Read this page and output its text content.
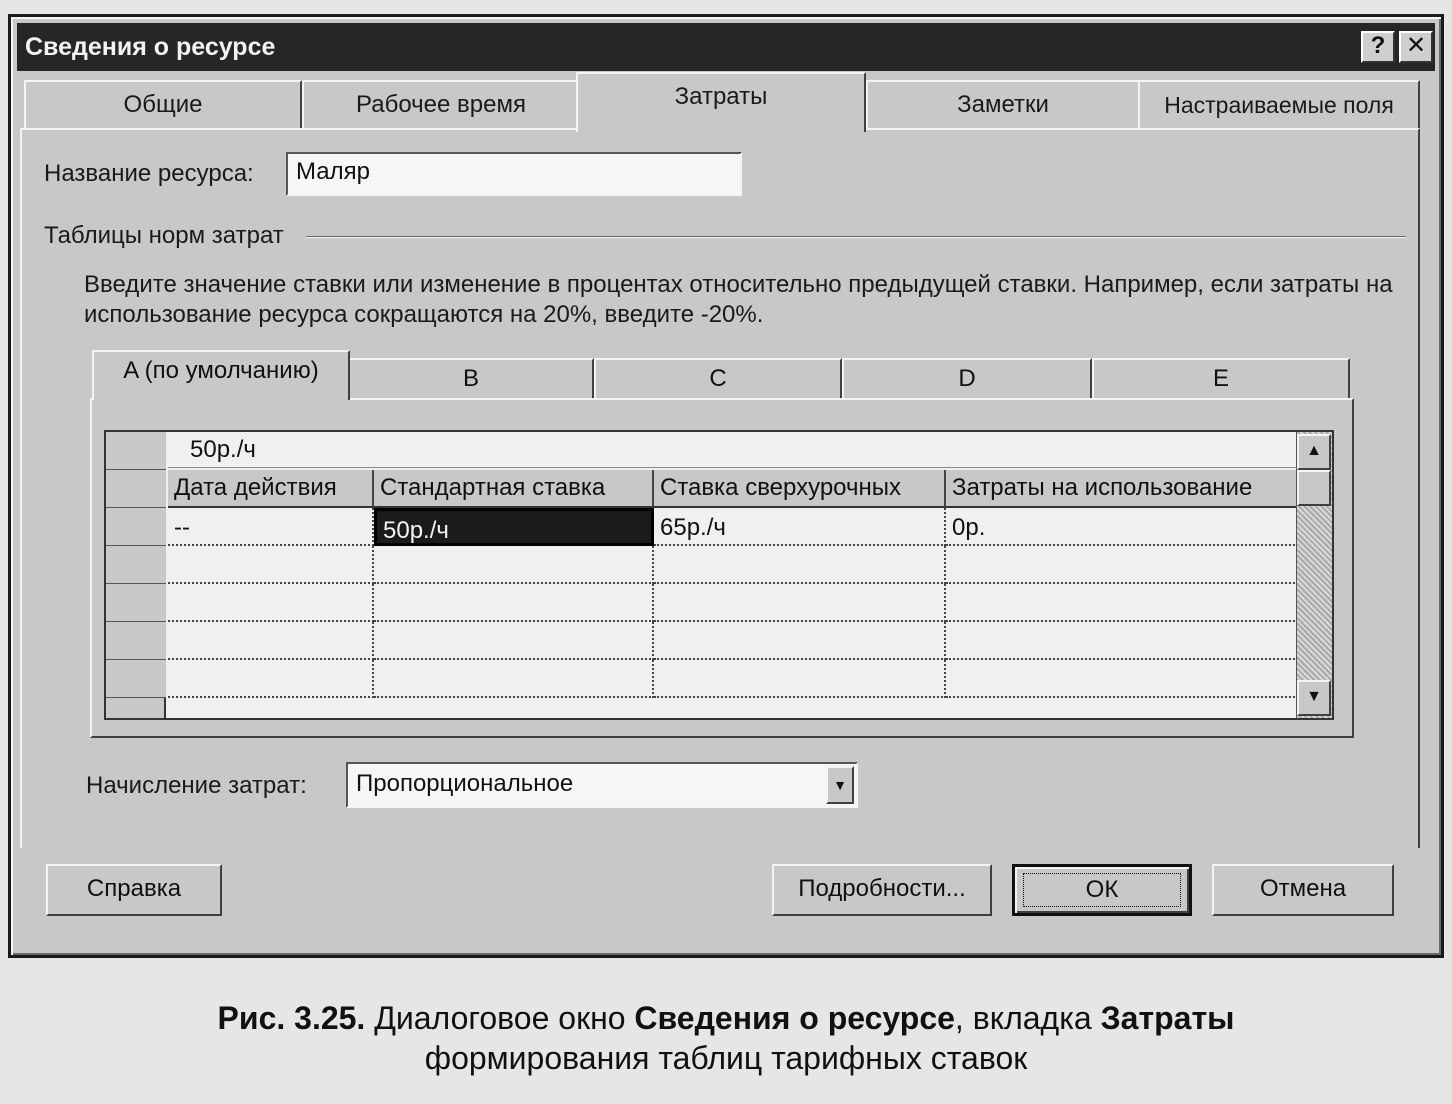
Сведения о ресурсе	? ✕
Общие	Рабочее время	Затраты	Заметки	Настраиваемые поля
Название ресурса:	Маляр
Таблицы норм затрат
Введите значение ставки или изменение в процентах относительно предыдущей ставки. Например, если затраты на использование ресурса сокращаются на 20%, введите -20%.
A (по умолчанию)	B	C	D	E
50р./ч
Дата действия	Стандартная ставка	Ставка сверхурочных	Затраты на использование
--	50р./ч	65р./ч	0р.
▲
▼
Начисление затрат:	Пропорциональное	▼
Справка	Подробности...	ОК	Отмена
Рис. 3.25. Диалоговое окно Сведения о ресурсе, вкладка Затраты
формирования таблиц тарифных ставок
